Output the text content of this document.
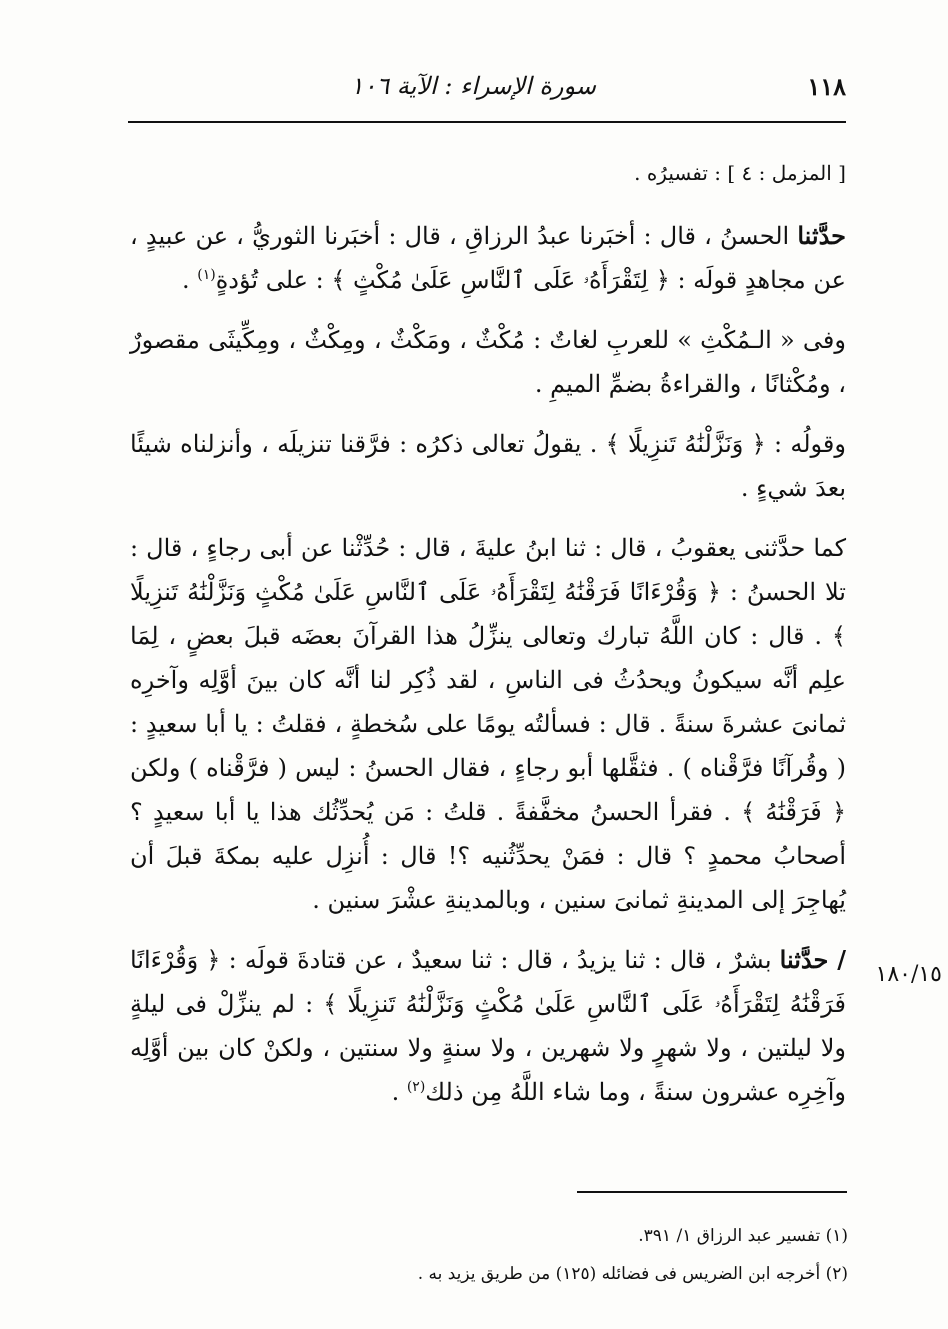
١١٨
سورة الإسراء : الآية ١٠٦

[ المزمل : ٤ ] : تفسيرُه .

حدَّثنا الحسنُ ، قال : أخبَرنا عبدُ الرزاقِ ، قال : أخبَرنا الثوريُّ ، عن عبيدٍ ، عن مجاهدٍ قولَه : ﴿ لِتَقْرَأَهُۥ عَلَى ٱلنَّاسِ عَلَىٰ مُكْثٍ ﴾ : على تُؤدةٍ$^{(١)}$ .

وفى « الـمُكْثِ » للعربِ لغاتٌ : مُكْثٌ ، ومَكْثٌ ، ومِكْثٌ ، ومِكِّيثَى مقصورٌ ، ومُكْثانًا ، والقراءةُ بضمِّ الميمِ .

وقولُه : ﴿ وَنَزَّلْنَٰهُ تَنزِيلًا ﴾ . يقولُ تعالى ذكرُه : فرَّقنا تنزيلَه ، وأنزلناه شيئًا بعدَ شيءٍ .

كما حدَّثنى يعقوبُ ، قال : ثنا ابنُ عليةَ ، قال : حُدِّثْنا عن أبى رجاءٍ ، قال : تلا الحسنُ : ﴿ وَقُرْءَانًا فَرَقْنَٰهُ لِتَقْرَأَهُۥ عَلَى ٱلنَّاسِ عَلَىٰ مُكْثٍ وَنَزَّلْنَٰهُ تَنزِيلًا ﴾ . قال : كان اللَّهُ تبارك وتعالى ينزِّلُ هذا القرآنَ بعضَه قبلَ بعضٍ ، لِمَا علِم أنَّه سيكونُ ويحدُثُ فى الناسِ ، لقد ذُكِر لنا أنَّه كان بينَ أوَّلِه وآخرِه ثمانىَ عشرةَ سنةً . قال : فسألتُه يومًا على سُخطةٍ ، فقلتُ : يا أبا سعيدٍ : ( وقُرآنًا فرَّقْناه ) . فثقَّلها أبو رجاءٍ ، فقال الحسنُ : ليس ( فرَّقْناه ) ولكن ﴿ فَرَقْنَٰهُ ﴾ . فقرأ الحسنُ مخفَّفةً . قلتُ : مَن يُحدِّثُك هذا يا أبا سعيدٍ ؟ أصحابُ محمدٍ ؟ قال : فمَنْ يحدِّثُنيه ؟! قال : أُنزِل عليه بمكةَ قبلَ أن يُهاجِرَ إلى المدينةِ ثمانىَ سنين ، وبالمدينةِ عشْرَ سنين .

/ حدَّثنا بشرٌ ، قال : ثنا يزيدُ ، قال : ثنا سعيدٌ ، عن قتادةَ قولَه : ﴿ وَقُرْءَانًا فَرَقْنَٰهُ لِتَقْرَأَهُۥ عَلَى ٱلنَّاسِ عَلَىٰ مُكْثٍ وَنَزَّلْنَٰهُ تَنزِيلًا ﴾ : لم ينزِّلْ فى ليلةٍ ولا ليلتين ، ولا شهرٍ ولا شهرين ، ولا سنةٍ ولا سنتين ، ولكنْ كان بين أوَّلِه وآخِرِه عشرون سنةً ، وما شاء اللَّهُ مِن ذلك$^{(٢)}$ .

١٨٠/١٥
(١) تفسير عبد الرزاق ١/ ٣٩١.
(٢) أخرجه ابن الضريس فى فضائله (١٢٥) من طريق يزيد به .
